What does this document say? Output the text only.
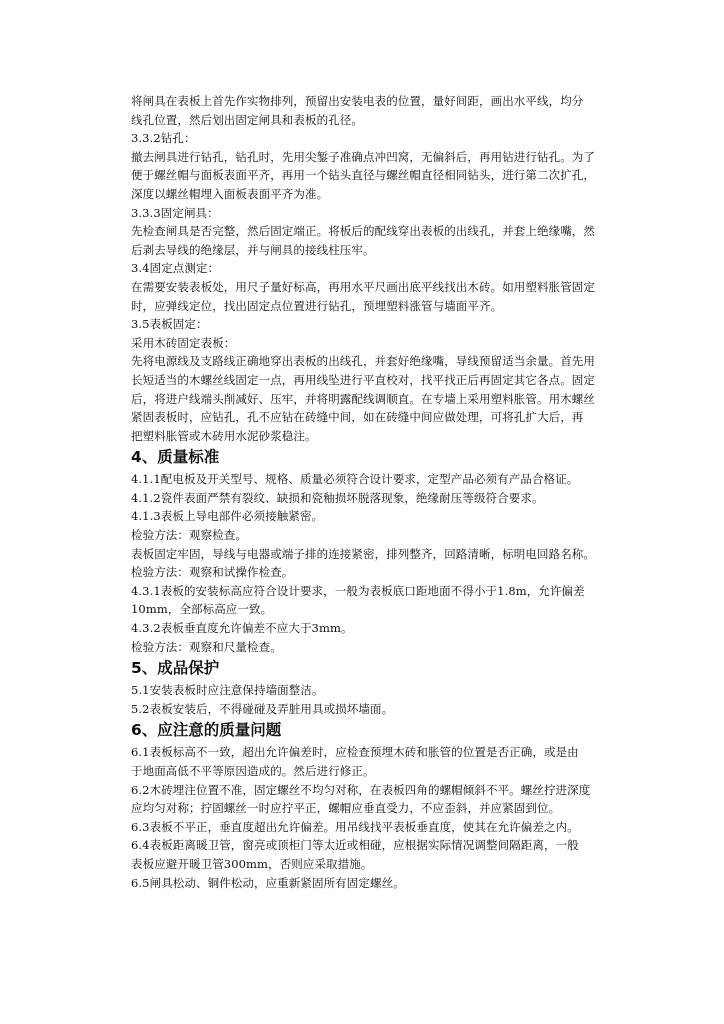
将闸具在表板上首先作实物排列，预留出安装电表的位置，量好间距，画出水平线，均分
线孔位置，然后划出固定闸具和表板的孔径。
3.3.2钻孔：
撤去闸具进行钻孔，钻孔时，先用尖錾子准确点冲凹窝，无偏斜后，再用钻进行钻孔。为了
便于螺丝帽与面板表面平齐，再用一个钻头直径与螺丝帽直径相同钻头，进行第二次扩孔，
深度以螺丝帽埋入面板表面平齐为准。
3.3.3固定闸具：
先检查闸具是否完整，然后固定端正。将板后的配线穿出表板的出线孔，并套上绝缘嘴，然
后剥去导线的绝缘层，并与闸具的接线柱压牢。
3.4固定点测定：
在需要安装表板处，用尺子量好标高，再用水平尺画出底平线找出木砖。如用塑料胀管固定
时，应弹线定位，找出固定点位置进行钻孔，预埋塑料涨管与墙面平齐。
3.5表板固定：
采用木砖固定表板：
先将电源线及支路线正确地穿出表板的出线孔，并套好绝缘嘴，导线预留适当余量。首先用
长短适当的木螺丝线固定一点，再用线坠进行平直校对，找平找正后再固定其它各点。固定
后，将进户线端头削减好、压牢，并将明露配线调顺直。在专墙上采用塑料胀管。用木螺丝
紧固表板时，应钻孔，孔不应钻在砖缝中间，如在砖缝中间应做处理，可将孔扩大后，再
把塑料胀管或木砖用水泥砂浆稳注。
4、质量标准
4.1.1配电板及开关型号、规格、质量必须符合设计要求，定型产品必须有产品合格证。
4.1.2瓷件表面严禁有裂纹、缺损和瓷釉损坏脱落现象，绝缘耐压等级符合要求。
4.1.3表板上导电部件必须接触紧密。
检验方法：观察检查。
表板固定牢固，导线与电器或端子排的连接紧密，排列整齐，回路清晰，标明电回路名称。
检验方法：观察和试操作检查。
4.3.1表板的安装标高应符合设计要求，一般为表板底口距地面不得小于1.8m，允许偏差
10mm，全部标高应一致。
4.3.2表板垂直度允许偏差不应大于3mm。
检验方法：观察和尺量检查。
5、成品保护
5.1安装表板时应注意保持墙面整洁。
5.2表板安装后，不得碰碰及弄脏用具或损坏墙面。
6、应注意的质量问题
6.1表板标高不一致，超出允许偏差时，应检查预埋木砖和胀管的位置是否正确，或是由
于地面高低不平等原因造成的。然后进行修正。
6.2木砖埋注位置不准，固定螺丝不均匀对称，在表板四角的螺帽倾斜不平。螺丝拧进深度
应均匀对称；拧固螺丝一时应拧平正，螺帽应垂直受力，不应歪斜，并应紧固到位。
6.3表板不平正，垂直度超出允许偏差。用吊线找平表板垂直度，使其在允许偏差之内。
6.4表板距离暖卫管，窗亮或顶柜门等太近或相碰，应根据实际情况调整间隔距离，一般
表板应避开暖卫管300mm，否则应采取措施。
6.5闸具松动、铜件松动，应重新紧固所有固定螺丝。
